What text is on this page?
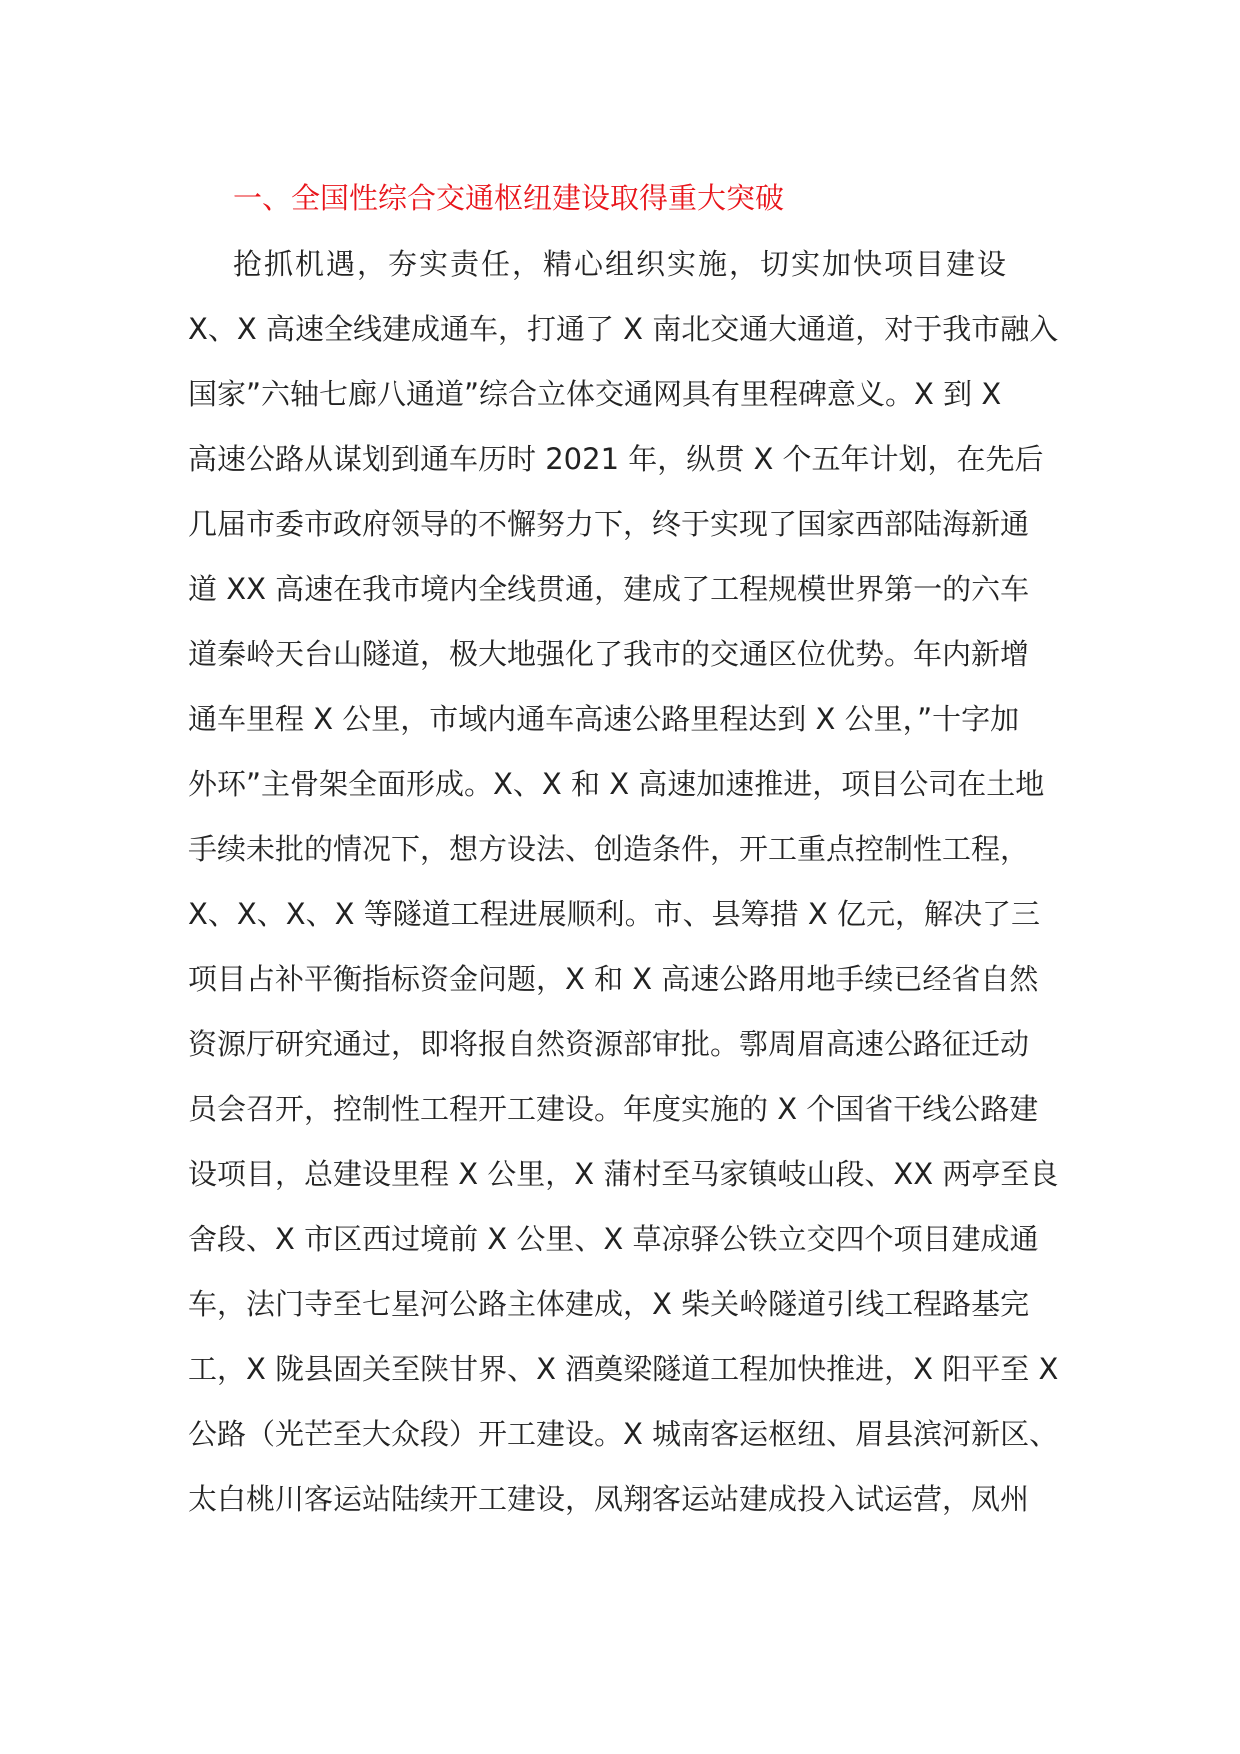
一、全国性综合交通枢纽建设取得重大突破
抢抓机遇，夯实责任，精心组织实施，切实加快项目建设
X、X 高速全线建成通车，打通了 X 南北交通大通道，对于我市融入
国家”六轴七廊八通道”综合立体交通网具有里程碑意义。X 到 X
高速公路从谋划到通车历时 2021 年，纵贯 X 个五年计划，在先后
几届市委市政府领导的不懈努力下，终于实现了国家西部陆海新通
道 XX 高速在我市境内全线贯通，建成了工程规模世界第一的六车
道秦岭天台山隧道，极大地强化了我市的交通区位优势。年内新增
通车里程 X 公里，市域内通车高速公路里程达到 X 公里，”十字加
外环”主骨架全面形成。X、X 和 X 高速加速推进，项目公司在土地
手续未批的情况下，想方设法、创造条件，开工重点控制性工程，
X、X、X、X 等隧道工程进展顺利。市、县筹措 X 亿元，解决了三
项目占补平衡指标资金问题，X 和 X 高速公路用地手续已经省自然
资源厅研究通过，即将报自然资源部审批。鄠周眉高速公路征迁动
员会召开，控制性工程开工建设。年度实施的 X 个国省干线公路建
设项目，总建设里程 X 公里，X 蒲村至马家镇岐山段、XX 两亭至良
舍段、X 市区西过境前 X 公里、X 草凉驿公铁立交四个项目建成通
车，法门寺至七星河公路主体建成，X 柴关岭隧道引线工程路基完
工，X 陇县固关至陕甘界、X 酒奠梁隧道工程加快推进，X 阳平至 X
公路（光芒至大众段）开工建设。X 城南客运枢纽、眉县滨河新区、
太白桃川客运站陆续开工建设，凤翔客运站建成投入试运营，凤州
